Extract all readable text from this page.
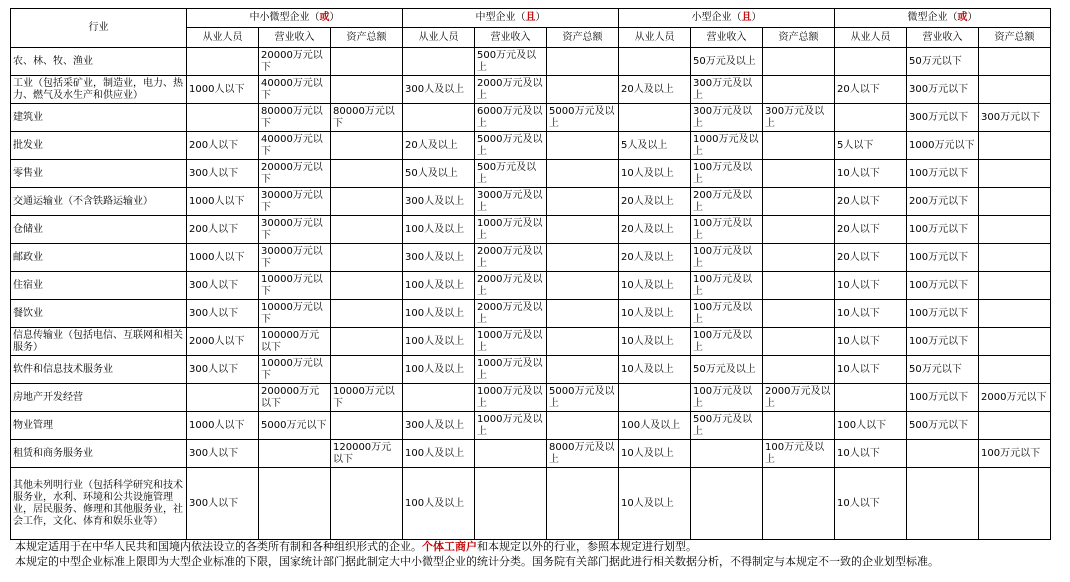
行业	中小微型企业（或）			中型企业（且）			小型企业（且）			微型企业（或）		
	从业人员	营业收入	资产总额	从业人员	营业收入	资产总额	从业人员	营业收入	资产总额	从业人员	营业收入	资产总额
农、林、牧、渔业		20000万元以下			500万元及以上			50万元及以上			50万元以下	
工业（包括采矿业，制造业，电力、热力、燃气及水生产和供应业）	1000人以下	40000万元以下		300人及以上	2000万元及以上		20人及以上	300万元及以上		20人以下	300万元以下	
建筑业		80000万元以下	80000万元以下		6000万元及以上	5000万元及以上		300万元及以上	300万元及以上		300万元以下	300万元以下
批发业	200人以下	40000万元以下		20人及以上	5000万元及以上		5人及以上	1000万元及以上		5人以下	1000万元以下	
零售业	300人以下	20000万元以下		50人及以上	500万元及以上		10人及以上	100万元及以上		10人以下	100万元以下	
交通运输业（不含铁路运输业）	1000人以下	30000万元以下		300人及以上	3000万元及以上		20人及以上	200万元及以上		20人以下	200万元以下	
仓储业	200人以下	30000万元以下		100人及以上	1000万元及以上		20人及以上	100万元及以上		20人以下	100万元以下	
邮政业	1000人以下	30000万元以下		300人及以上	2000万元及以上		20人及以上	100万元及以上		20人以下	100万元以下	
住宿业	300人以下	10000万元以下		100人及以上	2000万元及以上		10人及以上	100万元及以上		10人以下	100万元以下	
餐饮业	300人以下	10000万元以下		100人及以上	2000万元及以上		10人及以上	100万元及以上		10人以下	100万元以下	
信息传输业（包括电信、互联网和相关服务）	2000人以下	100000万元以下		100人及以上	1000万元及以上		10人及以上	100万元及以上		10人以下	100万元以下	
软件和信息技术服务业	300人以下	10000万元以下		100人及以上	1000万元及以上		10人及以上	50万元及以上		10人以下	50万元以下	
房地产开发经营		200000万元以下	10000万元以下		1000万元及以上	5000万元及以上		100万元及以上	2000万元及以上		100万元以下	2000万元以下
物业管理	1000人以下	5000万元以下		300人及以上	1000万元及以上		100人及以上	500万元及以上		100人以下	500万元以下	
租赁和商务服务业	300人以下		120000万元以下	100人及以上		8000万元及以上	10人及以上		100万元及以上	10人以下		100万元以下
其他未列明行业（包括科学研究和技术服务业，水利、环境和公共设施管理业，居民服务、修理和其他服务业，社会工作，文化、体育和娱乐业等）	300人以下			100人及以上			10人及以上			10人以下		
本规定适用于在中华人民共和国境内依法设立的各类所有制和各种组织形式的企业。个体工商户和本规定以外的行业，参照本规定进行划型。
本规定的中型企业标准上限即为大型企业标准的下限，国家统计部门据此制定大中小微型企业的统计分类。国务院有关部门据此进行相关数据分析，不得制定与本规定不一致的企业划型标准。
